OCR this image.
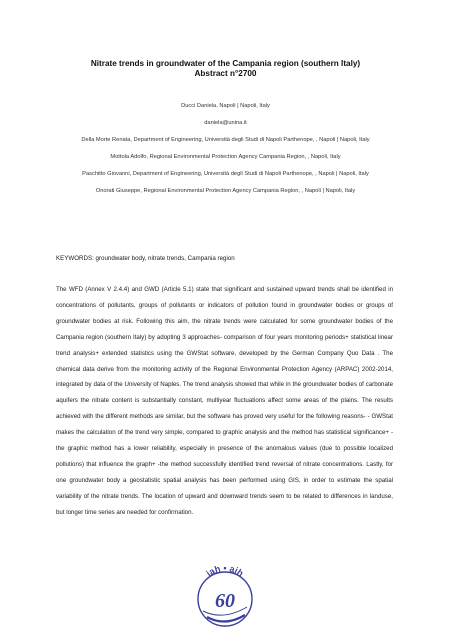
Nitrate trends in groundwater of the Campania region (southern Italy)
Abstract n°2700

Ducci Daniela, Napoli | Napoli, Italy

daniela@unina.it

Della Morte Renata, Department of Engineering, Università degli Studi di Napoli Parthenope, , Napoli | Napoli, Italy

Mottola Adolfo, Regional Environmental Protection Agency Campania Region, , Napoli, Italy

Paschitto Giovanni, Department of Engineering, Università degli Studi di Napoli Parthenope, , Napoli | Napoli, Italy

Onorati Giuseppe, Regional Environmental Protection Agency Campania Region, , Napoli | Napoli, Italy

KEYWORDS: groundwater body, nitrate trends, Campania region
The WFD (Annex V 2.4.4) and GWD (Article 5.1) state that significant and sustained upward trends shall be identified in concentrations of pollutants, groups of pollutants or indicators of pollution found in groundwater bodies or groups of groundwater bodies at risk. Following this aim, the nitrate trends were calculated for some groundwater bodies of the Campania region (southern Italy) by adopting 3 approaches- comparison of four years monitoring periods+ statistical linear trend analysis+ extended statistics using the GWStat software, developed by the German Company Quo Data . The chemical data derive from the monitoring activity of the Regional Environmental Protection Agency (ARPAC) 2002-2014, integrated by data of the University of Naples. The trend analysis showed that while in the groundwater bodies of carbonate aquifers the nitrate content is substantially constant, multiyear fluctuations affect some areas of the plains. The results achieved with the different methods are similar, but the software has proved very useful for the following reasons- - GWStat makes the calculation of the trend very simple, compared to graphic analysis and the method has statistical significance+ - the graphic method has a lower reliability, especially in presence of the anomalous values (due to possible localized pollutions) that influence the graph+ -the method successfully identified trend reversal of nitrate concentrations. Lastly, for one groundwater body a geostatistic spatial analysis has been performed using GIS, in order to estimate the spatial variability of the nitrate trends. The location of upward and downward trends seem to be related to differences in landuse, but longer time series are needed for confirmation.
iah • aih
60
